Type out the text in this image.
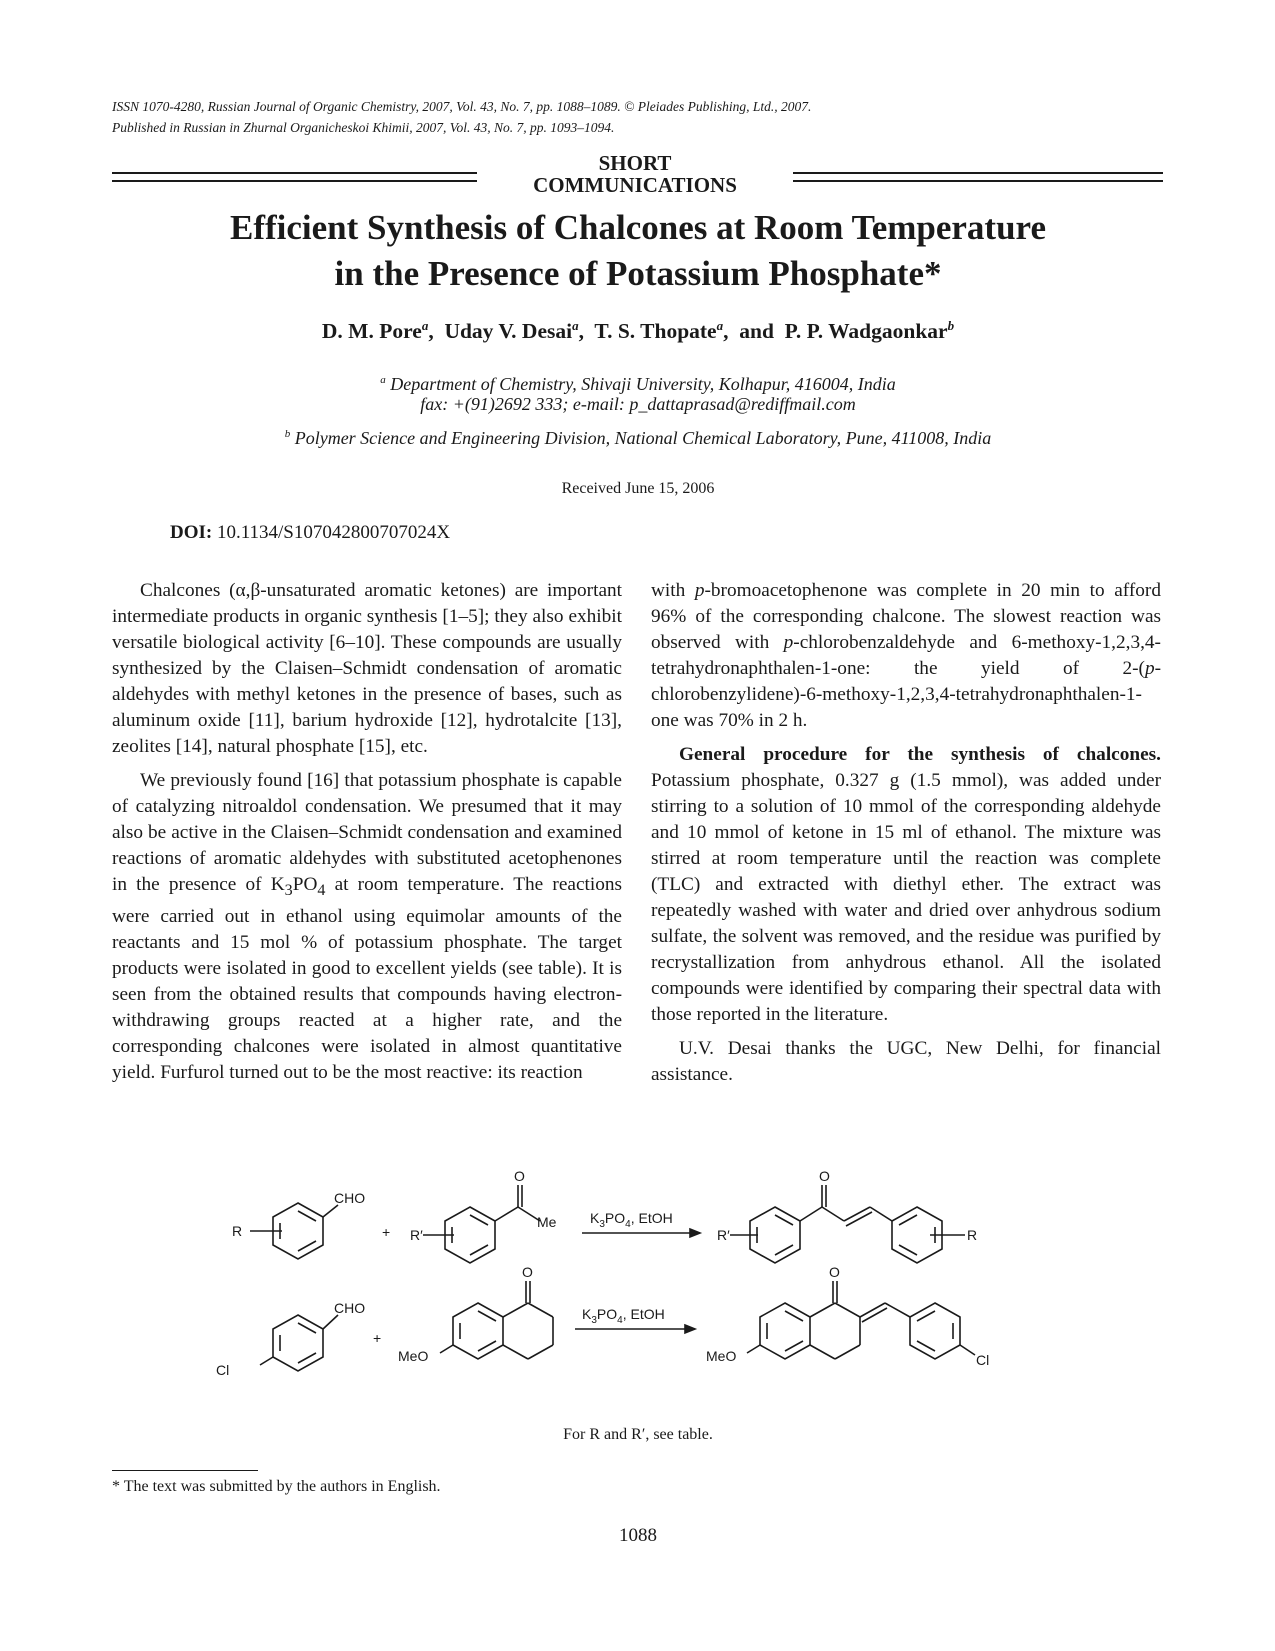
ISSN 1070-4280, Russian Journal of Organic Chemistry, 2007, Vol. 43, No. 7, pp. 1088–1089. © Pleiades Publishing, Ltd., 2007.
Published in Russian in Zhurnal Organicheskoi Khimii, 2007, Vol. 43, No. 7, pp. 1093–1094.
SHORT
COMMUNICATIONS
Efficient Synthesis of Chalcones at Room Temperature
in the Presence of Potassium Phosphate*
D. M. Pore$^a$,  Uday V. Desai$^a$,  T. S. Thopate$^a$,  and  P. P. Wadgaonkar$^b$
$^a$ Department of Chemistry, Shivaji University, Kolhapur, 416004, India
fax: +(91)2692 333; e-mail: p_dattaprasad@rediffmail.com
$^b$ Polymer Science and Engineering Division, National Chemical Laboratory, Pune, 411008, India
Received June 15, 2006
DOI: 10.1134/S107042800707024X

Chalcones (α,β-unsaturated aromatic ketones) are important intermediate products in organic synthesis [1–5]; they also exhibit versatile biological activity [6–10]. These compounds are usually synthesized by the Claisen–Schmidt condensation of aromatic aldehydes with methyl ketones in the presence of bases, such as aluminum oxide [11], barium hydroxide [12], hydrotalcite [13], zeolites [14], natural phosphate [15], etc.

We previously found [16] that potassium phosphate is capable of catalyzing nitroaldol condensation. We presumed that it may also be active in the Claisen–Schmidt condensation and examined reactions of aromatic aldehydes with substituted acetophenones in the presence of $K_3PO_4$ at room temperature. The reactions were carried out in ethanol using equimolar amounts of the reactants and 15 mol % of potassium phosphate. The target products were isolated in good to excellent yields (see table). It is seen from the obtained results that compounds having electron-withdrawing groups reacted at a higher rate, and the corresponding chalcones were isolated in almost quantitative yield. Furfurol turned out to be the most reactive: its reaction

with p-bromoacetophenone was complete in 20 min to afford 96% of the corresponding chalcone. The slowest reaction was observed with p-chlorobenzaldehyde and 6-methoxy-1,2,3,4-tetrahydronaphthalen-1-one: the yield of 2-(p-chlorobenzylidene)-6-methoxy-1,2,3,4-tetrahydronaphthalen-1-one was 70% in 2 h.

General procedure for the synthesis of chalcones. Potassium phosphate, 0.327 g (1.5 mmol), was added under stirring to a solution of 10 mmol of the corresponding aldehyde and 10 mmol of ketone in 15 ml of ethanol. The mixture was stirred at room temperature until the reaction was complete (TLC) and extracted with diethyl ether. The extract was repeatedly washed with water and dried over anhydrous sodium sulfate, the solvent was removed, and the residue was purified by recrystallization from anhydrous ethanol. All the isolated compounds were identified by comparing their spectral data with those reported in the literature.

U.V. Desai thanks the UGC, New Delhi, for financial assistance.

R
CHO
+ R′
O
Me $K_3PO_4$, EtOH
R′
O
R
CHO
Cl
+
O
MeO
$K_3PO_4$, EtOH
O
MeO	Cl
For R and R′, see table.
* The text was submitted by the authors in English.
1088
